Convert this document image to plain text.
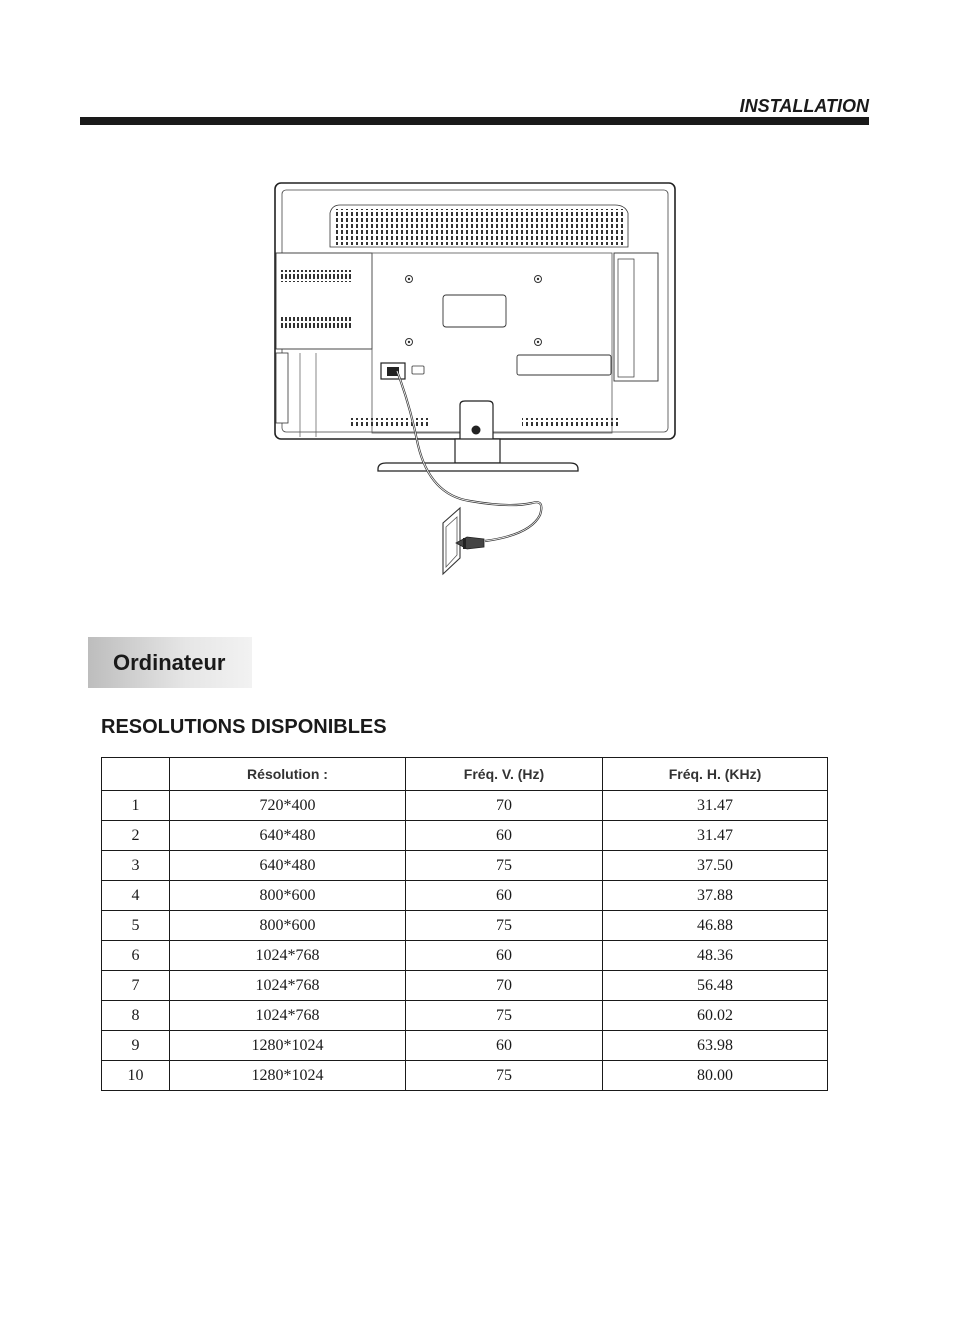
INSTALLATION
Ordinateur
RESOLUTIONS DISPONIBLES
	Résolution :	Fréq. V. (Hz)	Fréq. H. (KHz)
1	720*400	70	31.47
2	640*480	60	31.47
3	640*480	75	37.50
4	800*600	60	37.88
5	800*600	75	46.88
6	1024*768	60	48.36
7	1024*768	70	56.48
8	1024*768	75	60.02
9	1280*1024	60	63.98
10	1280*1024	75	80.00
